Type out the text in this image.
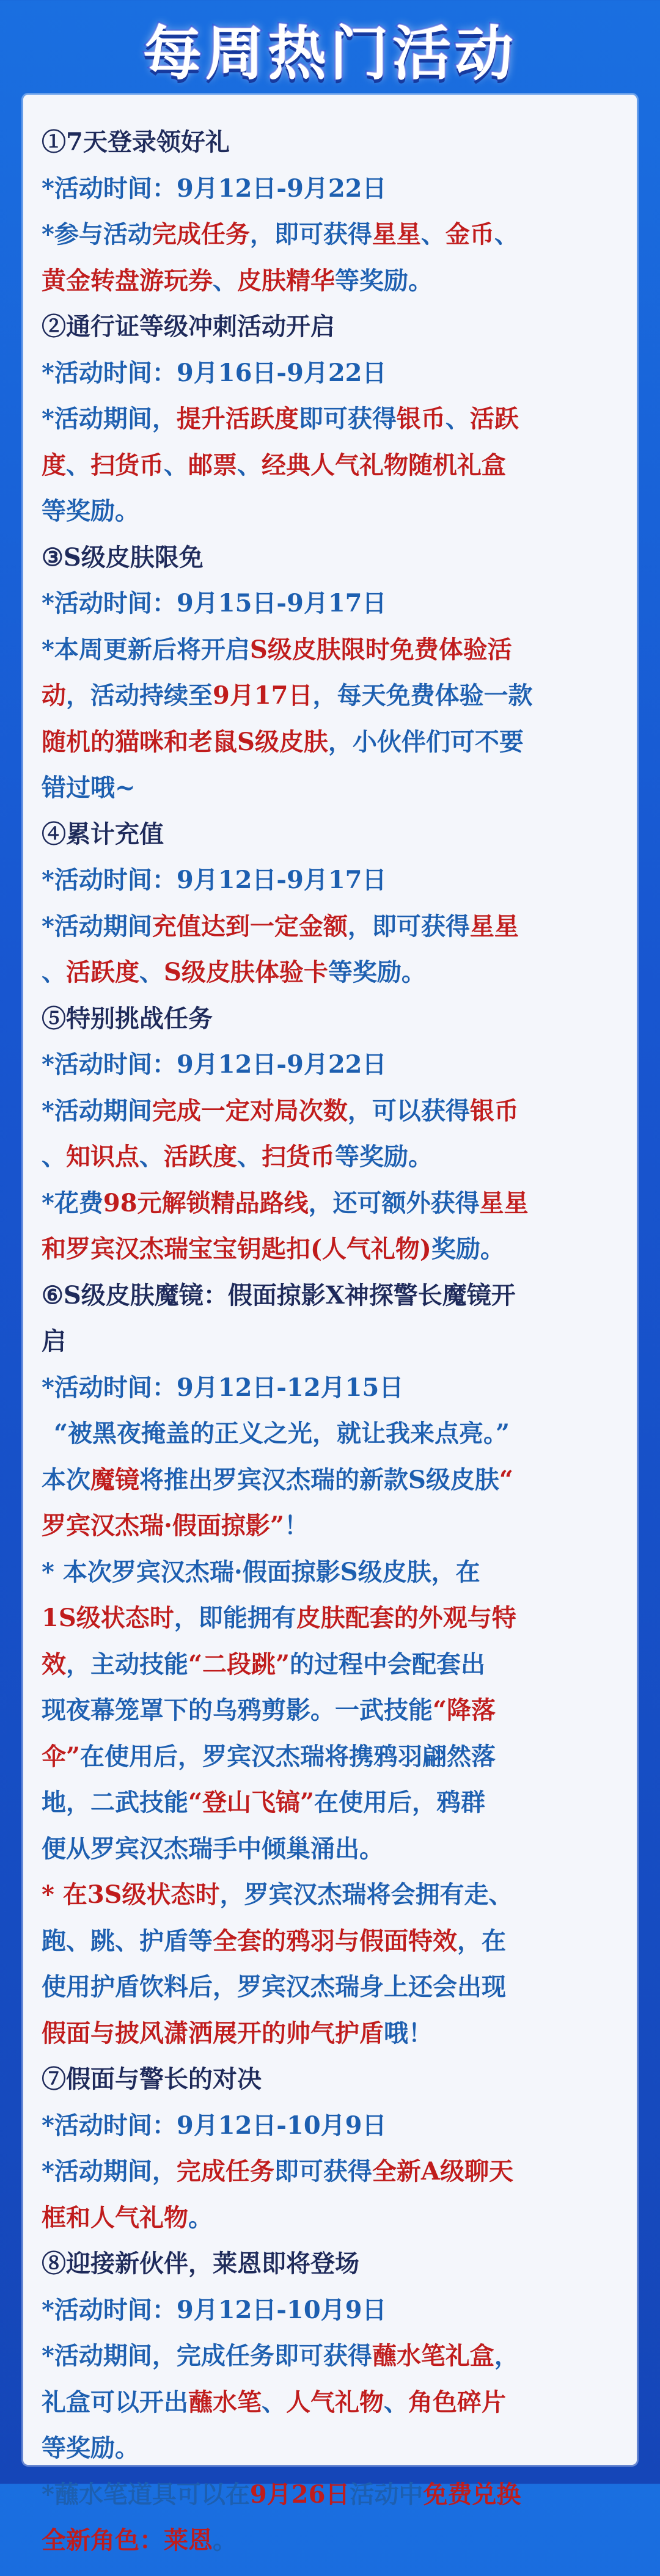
每周热门活动

①7天登录领好礼

*活动时间：9月12日-9月22日

*参与活动完成任务，即可获得星星、金币、

黄金转盘游玩券、皮肤精华等奖励。

②通行证等级冲刺活动开启

*活动时间：9月16日-9月22日

*活动期间，提升活跃度即可获得银币、活跃

度、扫货币、邮票、经典人气礼物随机礼盒

等奖励。

③S级皮肤限免

*活动时间：9月15日-9月17日

*本周更新后将开启S级皮肤限时免费体验活

动，活动持续至9月17日，每天免费体验一款

随机的猫咪和老鼠S级皮肤，小伙伴们可不要

错过哦~

④累计充值

*活动时间：9月12日-9月17日

*活动期间充值达到一定金额，即可获得星星

、活跃度、S级皮肤体验卡等奖励。

⑤特别挑战任务

*活动时间：9月12日-9月22日

*活动期间完成一定对局次数，可以获得银币

、知识点、活跃度、扫货币等奖励。

*花费98元解锁精品路线，还可额外获得星星

和罗宾汉杰瑞宝宝钥匙扣(人气礼物)奖励。

⑥S级皮肤魔镜：假面掠影X神探警长魔镜开

启

*活动时间：9月12日-12月15日

“被黑夜掩盖的正义之光，就让我来点亮。”

本次魔镜将推出罗宾汉杰瑞的新款S级皮肤“

罗宾汉杰瑞·假面掠影”！

* 本次罗宾汉杰瑞·假面掠影S级皮肤，在

1S级状态时，即能拥有皮肤配套的外观与特

效，主动技能“二段跳”的过程中会配套出

现夜幕笼罩下的乌鸦剪影。一武技能“降落

伞”在使用后，罗宾汉杰瑞将携鸦羽翩然落

地，二武技能“登山飞镐”在使用后，鸦群

便从罗宾汉杰瑞手中倾巢涌出。

* 在3S级状态时，罗宾汉杰瑞将会拥有走、

跑、跳、护盾等全套的鸦羽与假面特效，在

使用护盾饮料后，罗宾汉杰瑞身上还会出现

假面与披风潇洒展开的帅气护盾哦！

⑦假面与警长的对决

*活动时间：9月12日-10月9日

*活动期间，完成任务即可获得全新A级聊天

框和人气礼物。

⑧迎接新伙伴，莱恩即将登场

*活动时间：9月12日-10月9日

*活动期间，完成任务即可获得蘸水笔礼盒，

礼盒可以开出蘸水笔、人气礼物、角色碎片

等奖励。

*蘸水笔道具可以在9月26日活动中免费兑换

全新角色：莱恩。
